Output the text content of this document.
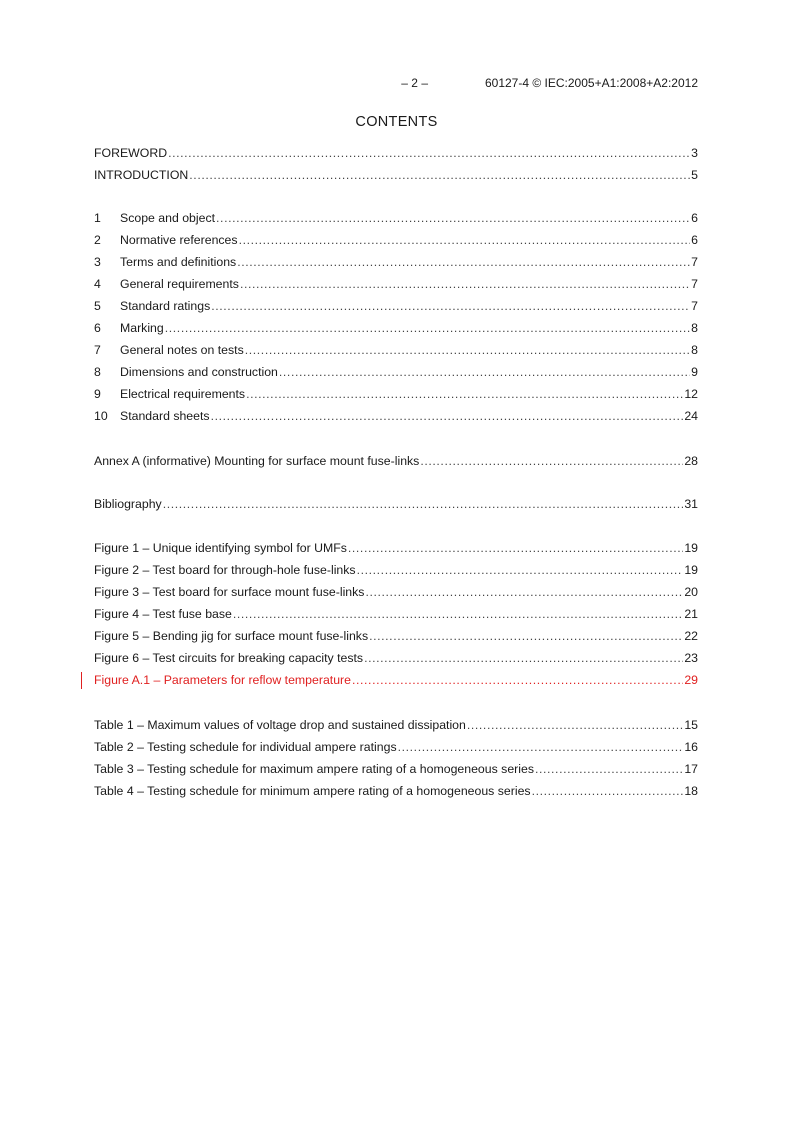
– 2 –	60127-4 © IEC:2005+A1:2008+A2:2012
CONTENTS
FOREWORD .....	3
INTRODUCTION .....	5
1	Scope and object .....	6
2	Normative references .....	6
3	Terms and definitions .....	7
4	General requirements .....	7
5	Standard ratings .....	7
6	Marking .....	8
7	General notes on tests .....	8
8	Dimensions and construction .....	9
9	Electrical requirements .....	12
10	Standard sheets .....	24
Annex A (informative) Mounting for surface mount fuse-links .....	28
Bibliography .....	31
Figure 1 – Unique identifying symbol for UMFs .....	19
Figure 2 – Test board for through-hole fuse-links .....	19
Figure 3 – Test board for surface mount fuse-links .....	20
Figure 4 – Test fuse base .....	21
Figure 5 – Bending jig for surface mount fuse-links .....	22
Figure 6 – Test circuits for breaking capacity tests .....	23
Figure A.1 – Parameters for reflow temperature .....	29
Table 1 – Maximum values of voltage drop and sustained dissipation .....	15
Table 2 – Testing schedule for individual ampere ratings .....	16
Table 3 – Testing schedule for maximum ampere rating of a homogeneous series .....	17
Table 4 – Testing schedule for minimum ampere rating of a homogeneous series .....	18
